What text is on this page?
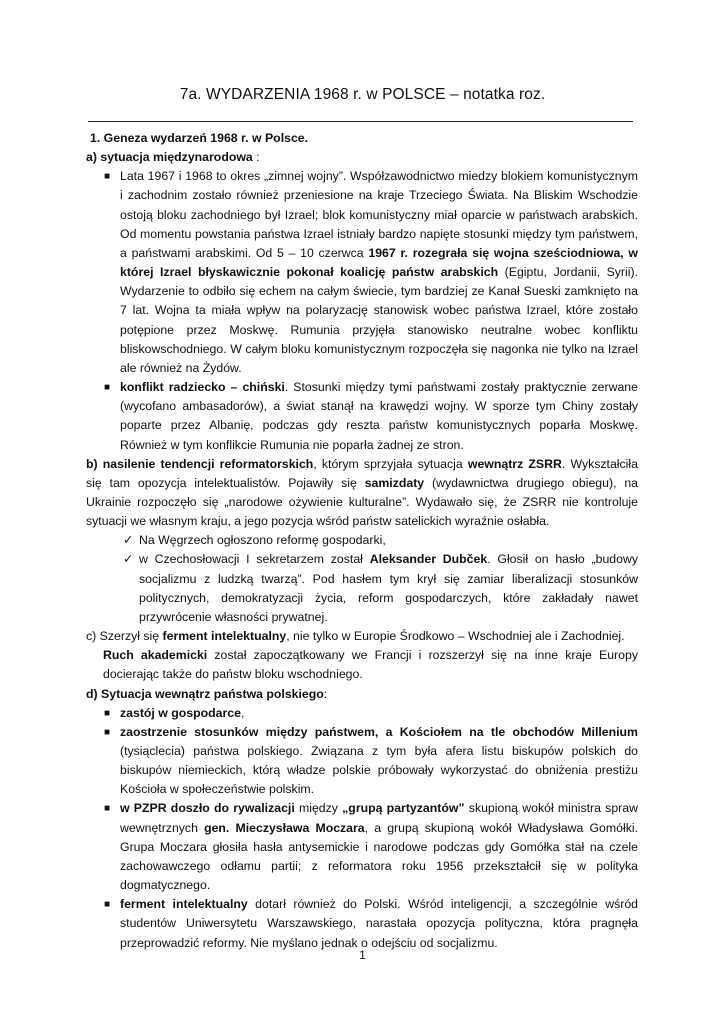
7a. WYDARZENIA 1968 r. w POLSCE – notatka roz.

1. Geneza wydarzeń 1968 r. w Polsce.

a) sytuacja międzynarodowa :

■
Lata 1967 i 1968 to okres „zimnej wojny”. Współzawodnictwo miedzy blokiem komunistycznym i zachodnim zostało również przeniesione na kraje Trzeciego Świata. Na Bliskim Wschodzie ostoją bloku zachodniego był Izrael; blok komunistyczny miał oparcie w państwach arabskich. Od momentu powstania państwa Izrael istniały bardzo napięte stosunki między tym państwem, a państwami arabskimi. Od 5 – 10 czerwca 1967 r. rozegrała się wojna sześciodniowa, w której Izrael błyskawicznie pokonał koalicję państw arabskich (Egiptu, Jordanii, Syrii). Wydarzenie to odbiło się echem na całym świecie, tym bardziej ze Kanał Sueski zamknięto na 7 lat. Wojna ta miała wpływ na polaryzację stanowisk wobec państwa Izrael, które zostało potępione przez Moskwę. Rumunia przyjęła stanowisko neutralne wobec konfliktu bliskowschodniego. W całym bloku komunistycznym rozpoczęła się nagonka nie tylko na Izrael ale również na Żydów.

■
konflikt radziecko – chiński. Stosunki między tymi państwami zostały praktycznie zerwane (wycofano ambasadorów), a świat stanął na krawędzi wojny. W sporze tym Chiny zostały poparte przez Albanię, podczas gdy reszta państw komunistycznych poparła Moskwę. Również w tym konflikcie Rumunia nie poparła żadnej ze stron.

b) nasilenie tendencji reformatorskich, którym sprzyjała sytuacja wewnątrz ZSRR. Wykształciła się tam opozycja intelektualistów. Pojawiły się samizdaty (wydawnictwa drugiego obiegu), na Ukrainie rozpoczęło się „narodowe ożywienie kulturalne”. Wydawało się, że ZSRR nie kontroluje sytuacji we własnym kraju, a jego pozycja wśród państw satelickich wyraźnie osłabła.

✓
Na Węgrzech ogłoszono reformę gospodarki,

✓
w Czechosłowacji I sekretarzem został Aleksander Dubček. Głosił on hasło „budowy socjalizmu z ludzką twarzą”. Pod hasłem tym krył się zamiar liberalizacji stosunków politycznych, demokratyzacji życia, reform gospodarczych, które zakładały nawet przywrócenie własności prywatnej.

c) Szerzył się ferment intelektualny, nie tylko w Europie Środkowo – Wschodniej ale i Zachodniej.

Ruch akademicki został zapoczątkowany we Francji i rozszerzył się na inne kraje Europy docierając także do państw bloku wschodniego.

d) Sytuacja wewnątrz państwa polskiego:

■
zastój w gospodarce,

■
zaostrzenie stosunków między państwem, a Kościołem na tle obchodów Millenium (tysiąclecia) państwa polskiego. Związana z tym była afera listu biskupów polskich do biskupów niemieckich, którą władze polskie próbowały wykorzystać do obniżenia prestiżu Kościoła w społeczeństwie polskim.

■
w PZPR doszło do rywalizacji między „grupą partyzantów” skupioną wokół ministra spraw wewnętrznych gen. Mieczysława Moczara, a grupą skupioną wokół Władysława Gomółki. Grupa Moczara głosiła hasła antysemickie i narodowe podczas gdy Gomółka stał na czele zachowawczego odłamu partii; z reformatora roku 1956 przekształcił się w polityka dogmatycznego.

■
ferment intelektualny dotarł również do Polski. Wśród inteligencji, a szczególnie wśród studentów Uniwersytetu Warszawskiego, narastała opozycja polityczna, która pragnęła przeprowadzić reformy. Nie myślano jednak o odejściu od socjalizmu.

1
